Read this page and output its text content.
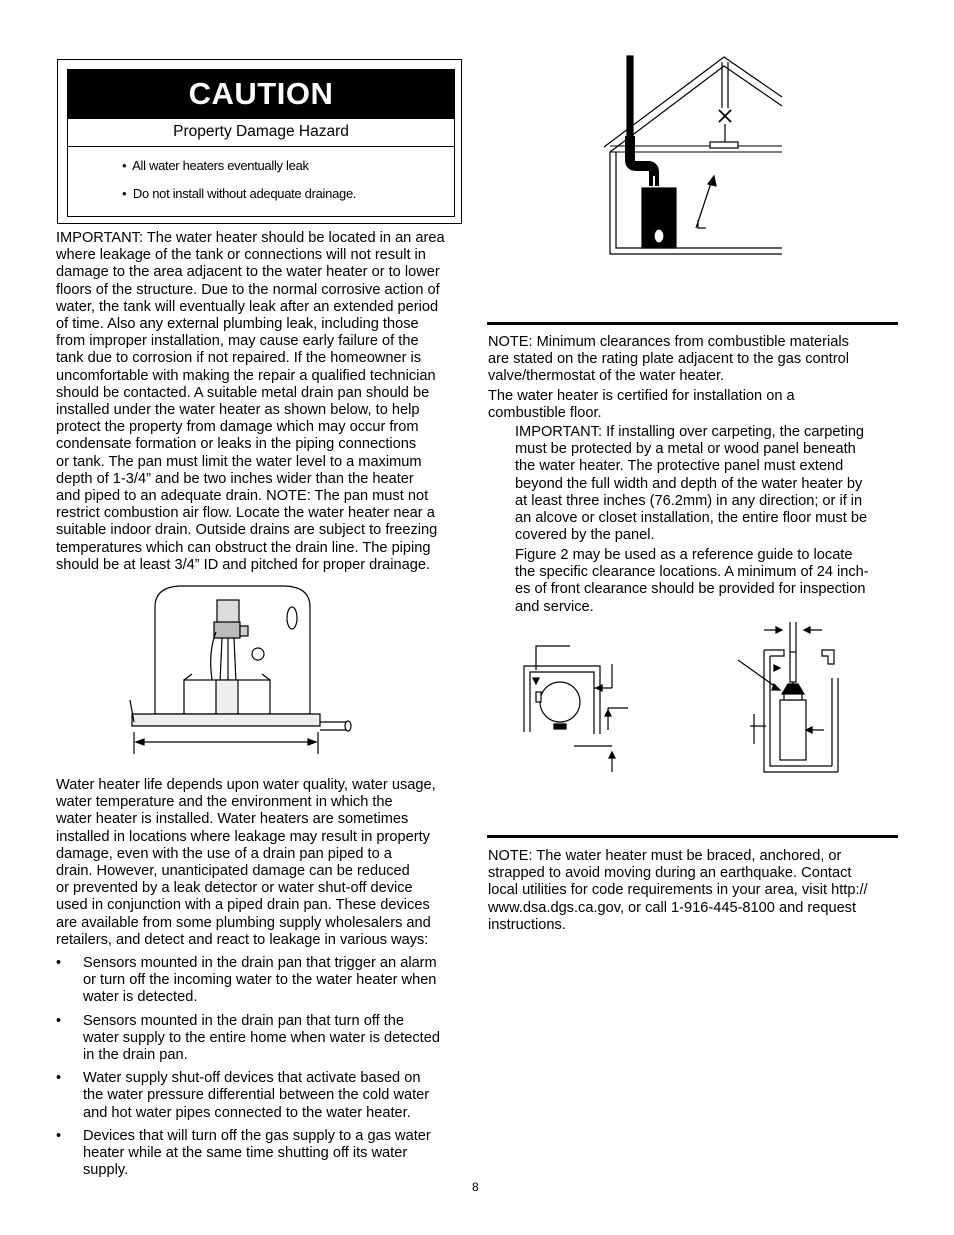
CAUTION
Property Damage Hazard
•  All water heaters eventually leak
•  Do not install without adequate drainage.
IMPORTANT: The water heater should be located in an area
where leakage of the tank or connections will not result in
damage to the area adjacent to the water heater or to lower
floors of the structure. Due to the normal corrosive action of
water, the tank will eventually leak after an extended period
of time. Also any external plumbing leak, including those
from improper installation, may cause early failure of the
tank due to corrosion if not repaired. If the homeowner is
uncomfortable with making the repair a qualified technician
should be contacted. A suitable metal drain pan should be
installed under the water heater as shown below, to help
protect the property from damage which may occur from
condensate formation or leaks in the piping connections
or tank. The pan must limit the water level to a maximum
depth of 1-3/4” and be two inches wider than the heater
and piped to an adequate drain. NOTE: The pan must not
restrict combustion air flow. Locate the water heater near a
suitable indoor drain. Outside drains are subject to freezing
temperatures which can obstruct the drain line. The piping
should be at least 3/4” ID and pitched for proper drainage.
Water heater life depends upon water quality, water usage,
water temperature and the environment in which the
water heater is installed. Water heaters are sometimes
installed in locations where leakage may result in property
damage, even with the use of a drain pan piped to a
drain. However, unanticipated damage can be reduced
or prevented by a leak detector or water shut-off device
used in conjunction with a piped drain pan. These devices
are available from some plumbing supply wholesalers and
retailers, and detect and react to leakage in various ways:
•	Sensors mounted in the drain pan that trigger an alarm
or turn off the incoming water to the water heater when
water is detected.
•	Sensors mounted in the drain pan that turn off the
water supply to the entire home when water is detected
in the drain pan.
•	Water supply shut-off devices that activate based on
the water pressure differential between the cold water
and hot water pipes connected to the water heater.
•	Devices that will turn off the gas supply to a gas water
heater while at the same time shutting off its water
supply.
NOTE: Minimum clearances from combustible materials
are stated on the rating plate adjacent to the gas control
valve/thermostat of the water heater.
The water heater is certified for installation on a
combustible floor.
IMPORTANT: If installing over carpeting, the carpeting
must be protected by a metal or wood panel beneath
the water heater. The protective panel must extend
beyond the full width and depth of the water heater by
at least three inches (76.2mm) in any direction; or if in
an alcove or closet installation, the entire floor must be
covered by the panel.
Figure 2 may be used as a reference guide to locate
the specific clearance locations. A minimum of 24 inch-
es of front clearance should be provided for inspection
and service.
NOTE: The water heater must be braced, anchored, or
strapped to avoid moving during an earthquake. Contact
local utilities for code requirements in your area, visit http://
www.dsa.dgs.ca.gov, or call 1-916-445-8100 and request
instructions.
8
